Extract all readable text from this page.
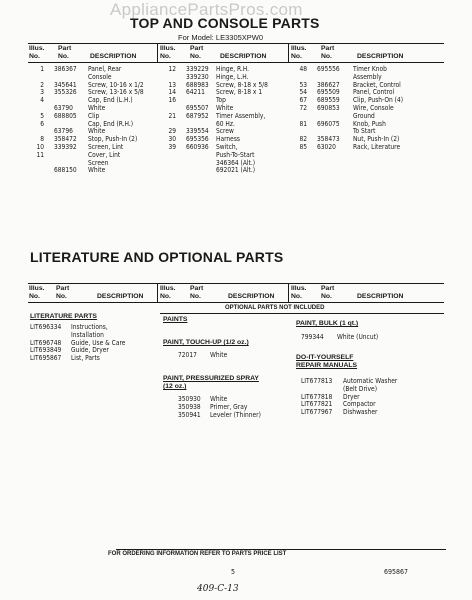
AppliancePartsPros.com
TOP AND CONSOLE PARTS
For Model: LE3305XPW0
Illus.
No.
Part
No.	DESCRIPTION
Illus.
No.
Part
No.	DESCRIPTION
Illus.
No.
Part
No.	DESCRIPTION
1 386367 Panel, Rear
Console
2 345641 Screw, 10-16 x 1/2
3 355326 Screw, 13-16 x 5/8
4	Cap, End (L.H.)
63790 White
5 688805 Clip
6	Cap, End (R.H.)
63796 White
8 358472 Stop, Push-In (2)
10 339392 Screen, Lint
11	Cover, Lint
Screen
688150 White
12 339229 Hinge, R.H.
339230 Hinge, L.H.
13 688983 Screw, 8-18 x 5/8
14 64211 Screw, 8-18 x 1
16	Top
695507 White
21 687952 Timer Assembly,
60 Hz.
29 339554 Screw
30 695356 Harness
39 660936 Switch,
Push-To-Start
346364 (Alt.)
692021 (Alt.)
48 695556 Timer Knob
Assembly
53 386627 Bracket, Control
54 695509 Panel, Control
67 689559 Clip, Push-On (4)
72 690853 Wire, Console
Ground
81 696075 Knob, Push
To Start
82 358473 Nut, Push-In (2)
85 63020	Rack, Literature
LITERATURE AND OPTIONAL PARTS
Illus.
No.
Part
No.	DESCRIPTION
Illus.
No.
Part
No.	DESCRIPTION
Illus.
No.
Part
No.	DESCRIPTION
OPTIONAL PARTS NOT INCLUDED
LITERATURE PARTS
LIT696334 Instructions,
Installation
LIT696748 Guide, Use & Care
LIT693849 Guide, Dryer
LIT695867 List, Parts
PAINTS
PAINT, TOUCH-UP (1/2 oz.)
72017 White
PAINT, PRESSURIZED SPRAY
(12 oz.)
350930 White
350938 Primer, Gray
350941 Leveler (Thinner)
PAINT, BULK (1 qt.)
799344 White (Uncut)
DO-IT-YOURSELF
REPAIR MANUALS
LIT677813 Automatic Washer
(Belt Drive)
LIT677818 Dryer
LIT677821 Compactor
LIT677967 Dishwasher
FOR ORDERING INFORMATION REFER TO PARTS PRICE LIST
5	695867
409-C-13
